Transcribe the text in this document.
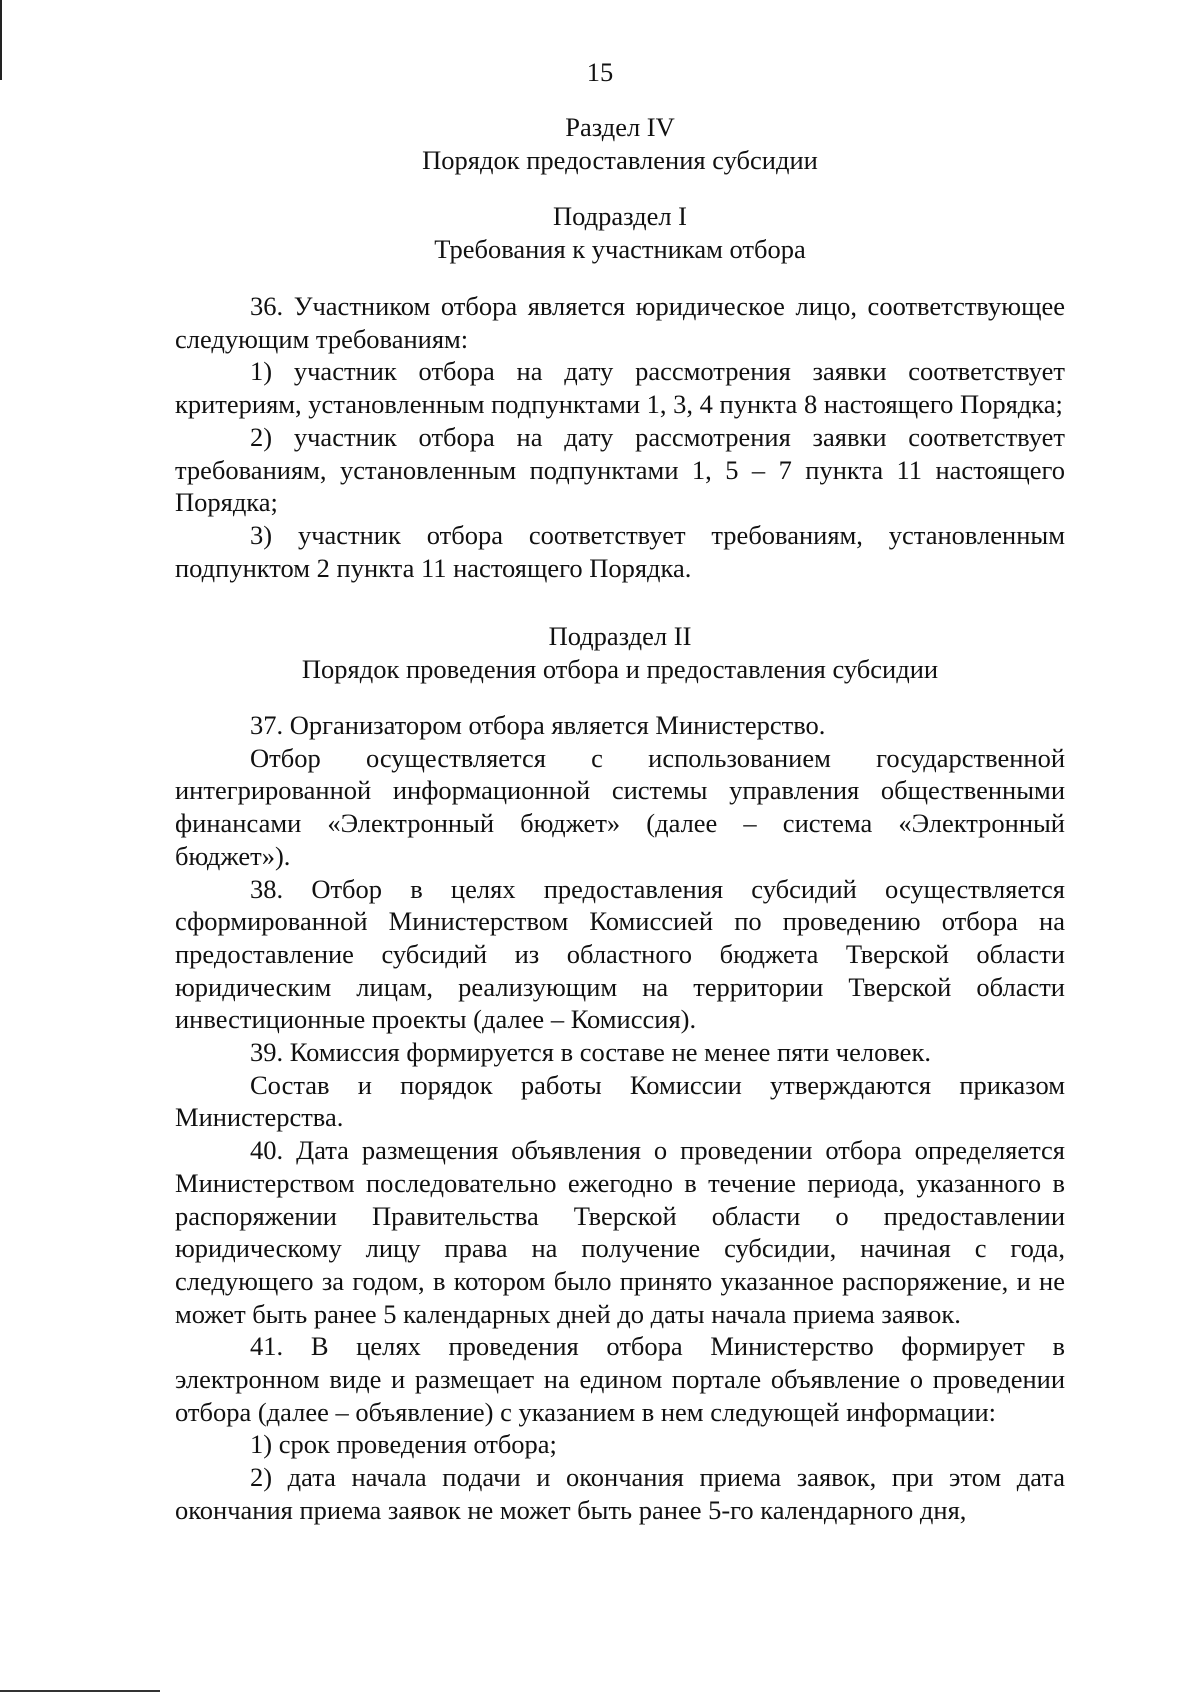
15
Раздел IV
Порядок предоставления субсидии
Подраздел I
Требования к участникам отбора

36. Участником отбора является юридическое лицо, соответствующее следующим требованиям:

1) участник отбора на дату рассмотрения заявки соответствует критериям, установленным подпунктами 1, 3, 4 пункта 8 настоящего Порядка;

2) участник отбора на дату рассмотрения заявки соответствует требованиям, установленным подпунктами 1, 5 – 7 пункта 11 настоящего Порядка;

3) участник отбора соответствует требованиям, установленным подпунктом 2 пункта 11 настоящего Порядка.

Подраздел II
Порядок проведения отбора и предоставления субсидии

37. Организатором отбора является Министерство.

Отбор осуществляется с использованием государственной интегрированной информационной системы управления общественными финансами «Электронный бюджет» (далее – система «Электронный бюджет»).

38. Отбор в целях предоставления субсидий осуществляется сформированной Министерством Комиссией по проведению отбора на предоставление субсидий из областного бюджета Тверской области юридическим лицам, реализующим на территории Тверской области инвестиционные проекты (далее – Комиссия).

39. Комиссия формируется в составе не менее пяти человек.

Состав и порядок работы Комиссии утверждаются приказом Министерства.

40. Дата размещения объявления о проведении отбора определяется Министерством последовательно ежегодно в течение периода, указанного в распоряжении Правительства Тверской области о предоставлении юридическому лицу права на получение субсидии, начиная с года, следующего за годом, в котором было принято указанное распоряжение, и не может быть ранее 5 календарных дней до даты начала приема заявок.

41. В целях проведения отбора Министерство формирует в электронном виде и размещает на едином портале объявление о проведении отбора (далее – объявление) с указанием в нем следующей информации:

1) срок проведения отбора;

2) дата начала подачи и окончания приема заявок, при этом дата окончания приема заявок не может быть ранее 5-го календарного дня,
